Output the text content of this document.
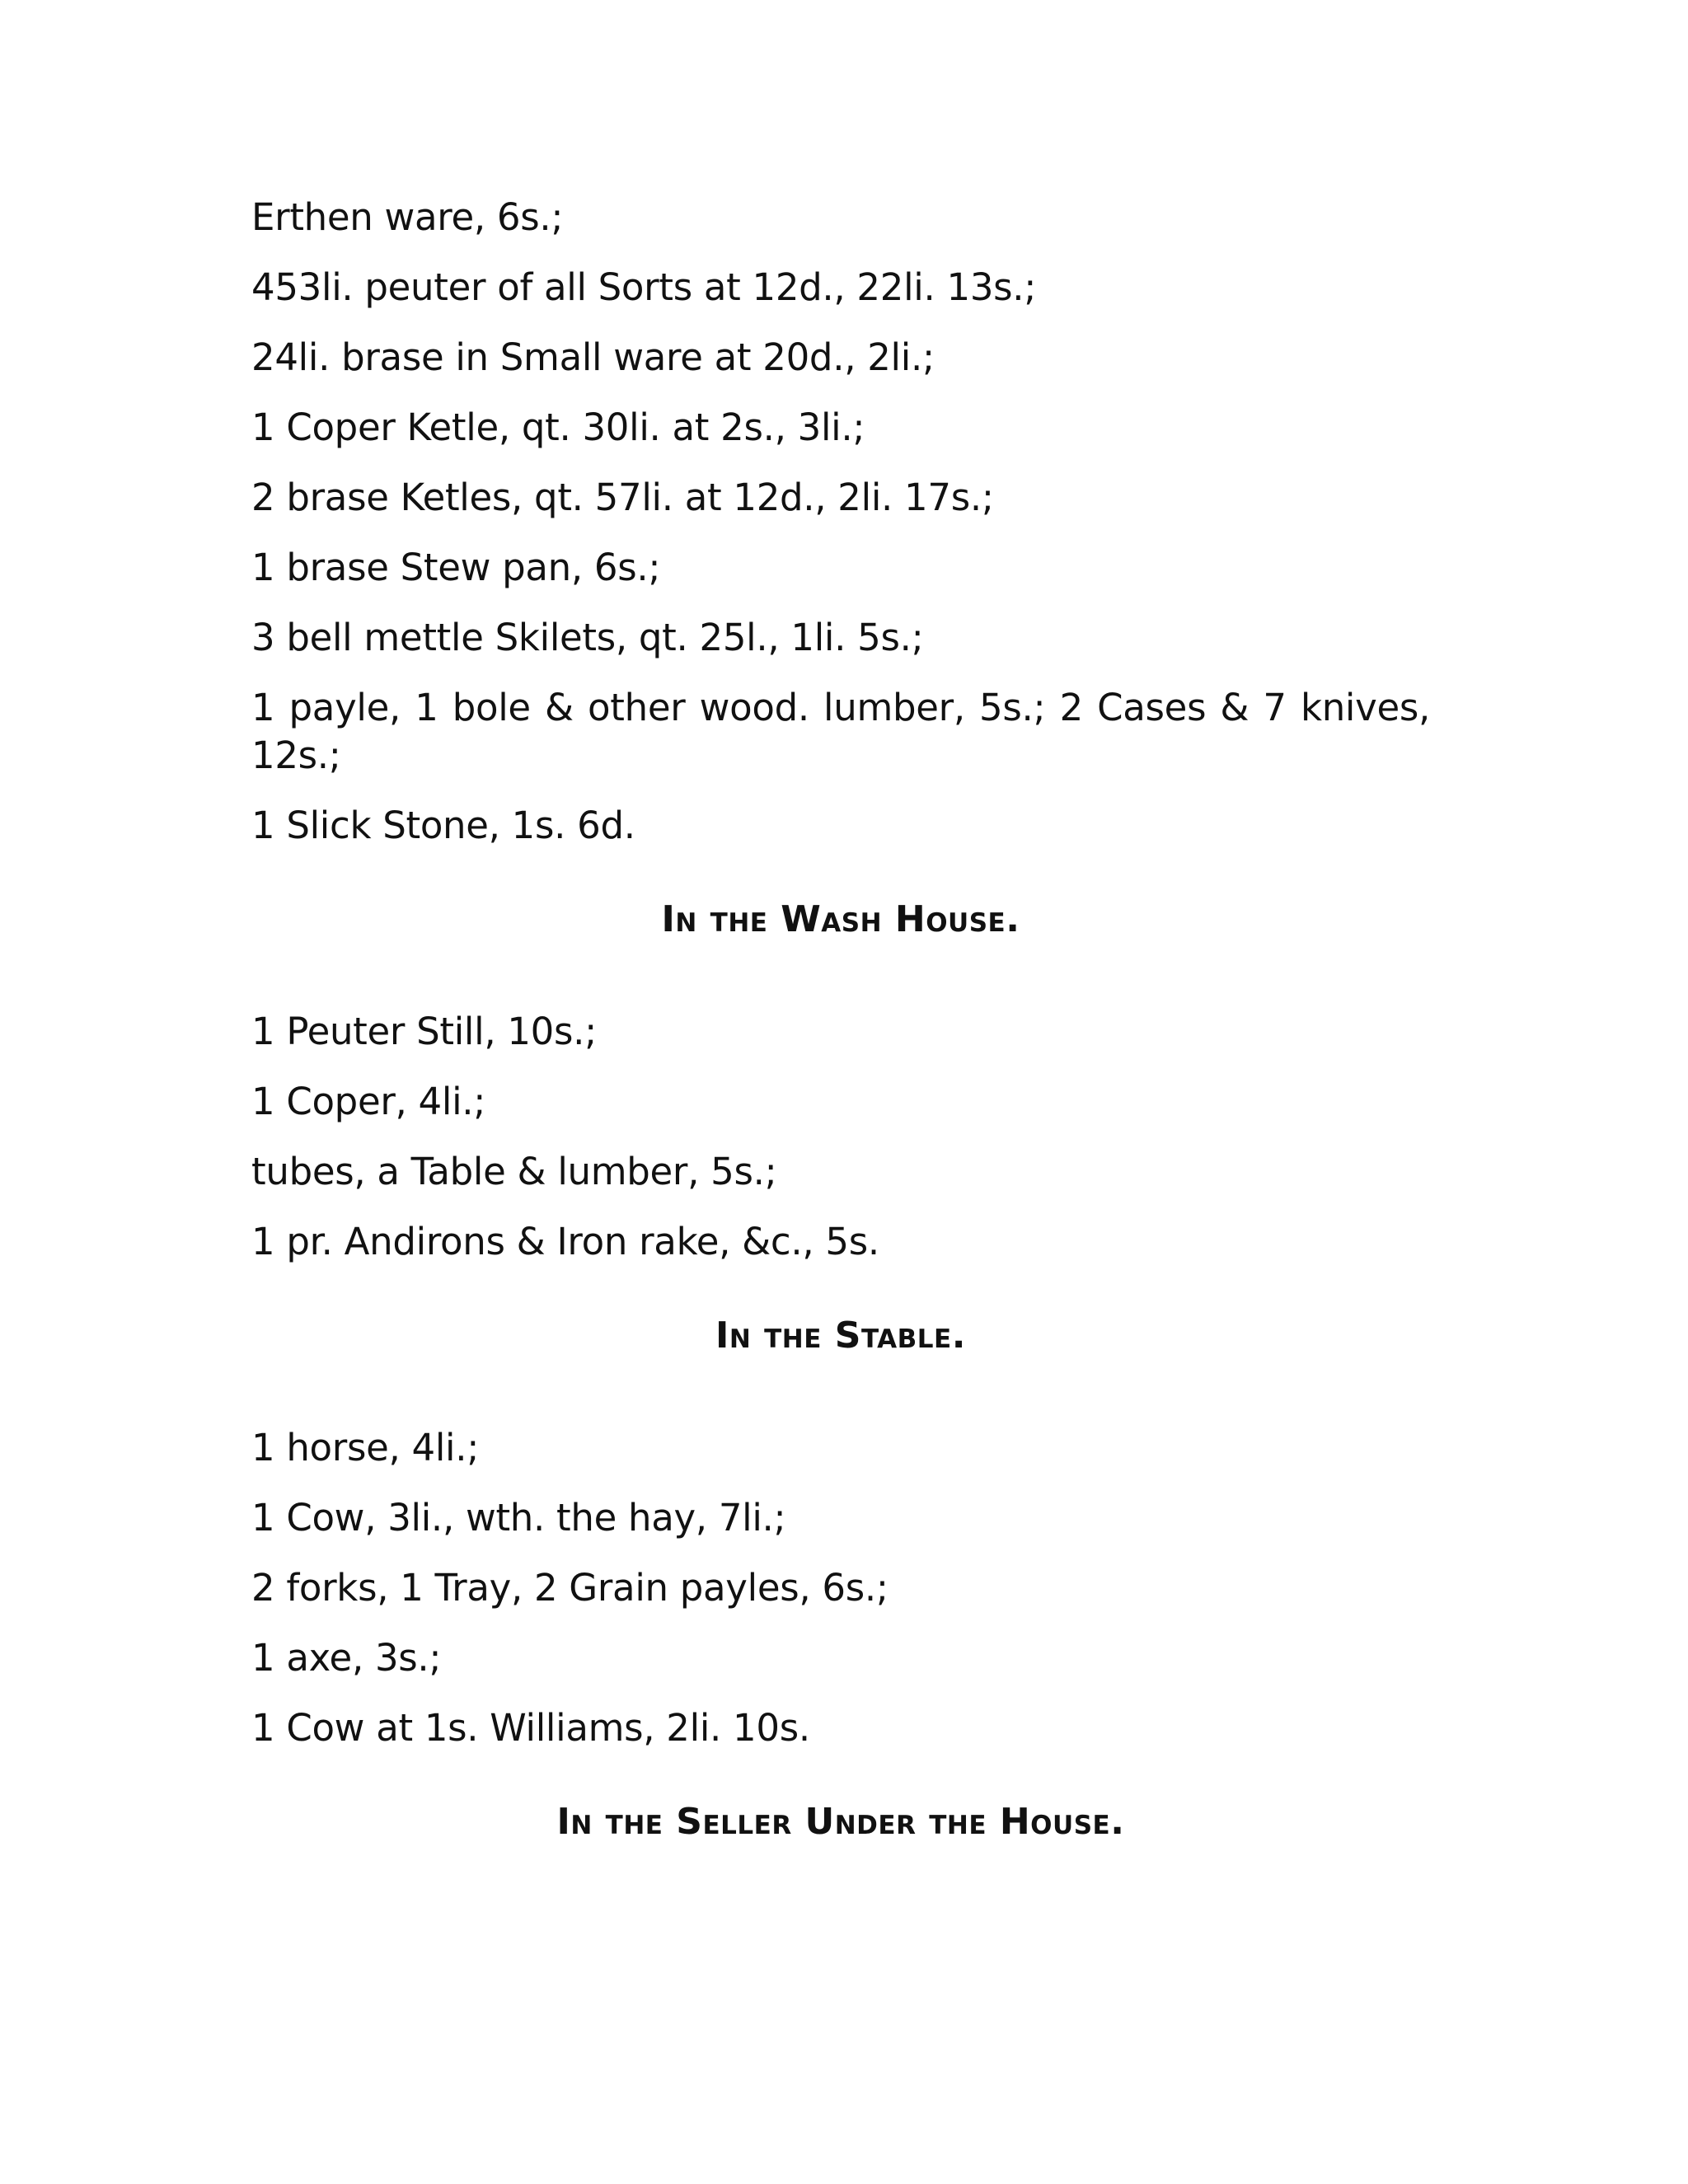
Erthen ware, 6s.;

453li. peuter of all Sorts at 12d., 22li. 13s.;

24li. brase in Small ware at 20d., 2li.;

1 Coper Ketle, qt. 30li. at 2s., 3li.;

2 brase Ketles, qt. 57li. at 12d., 2li. 17s.;

1 brase Stew pan, 6s.;

3 bell mettle Skilets, qt. 25l., 1li. 5s.;

1 payle, 1 bole & other wood. lumber, 5s.; 2 Cases & 7 knives, 12s.;

1 Slick Stone, 1s. 6d.

In the Wash House.

1 Peuter Still, 10s.;

1 Coper, 4li.;

tubes, a Table & lumber, 5s.;

1 pr. Andirons & Iron rake, &c., 5s.

In the Stable.

1 horse, 4li.;

1 Cow, 3li., wth. the hay, 7li.;

2 forks, 1 Tray, 2 Grain payles, 6s.;

1 axe, 3s.;

1 Cow at 1s. Williams, 2li. 10s.

In the Seller Under the House.
